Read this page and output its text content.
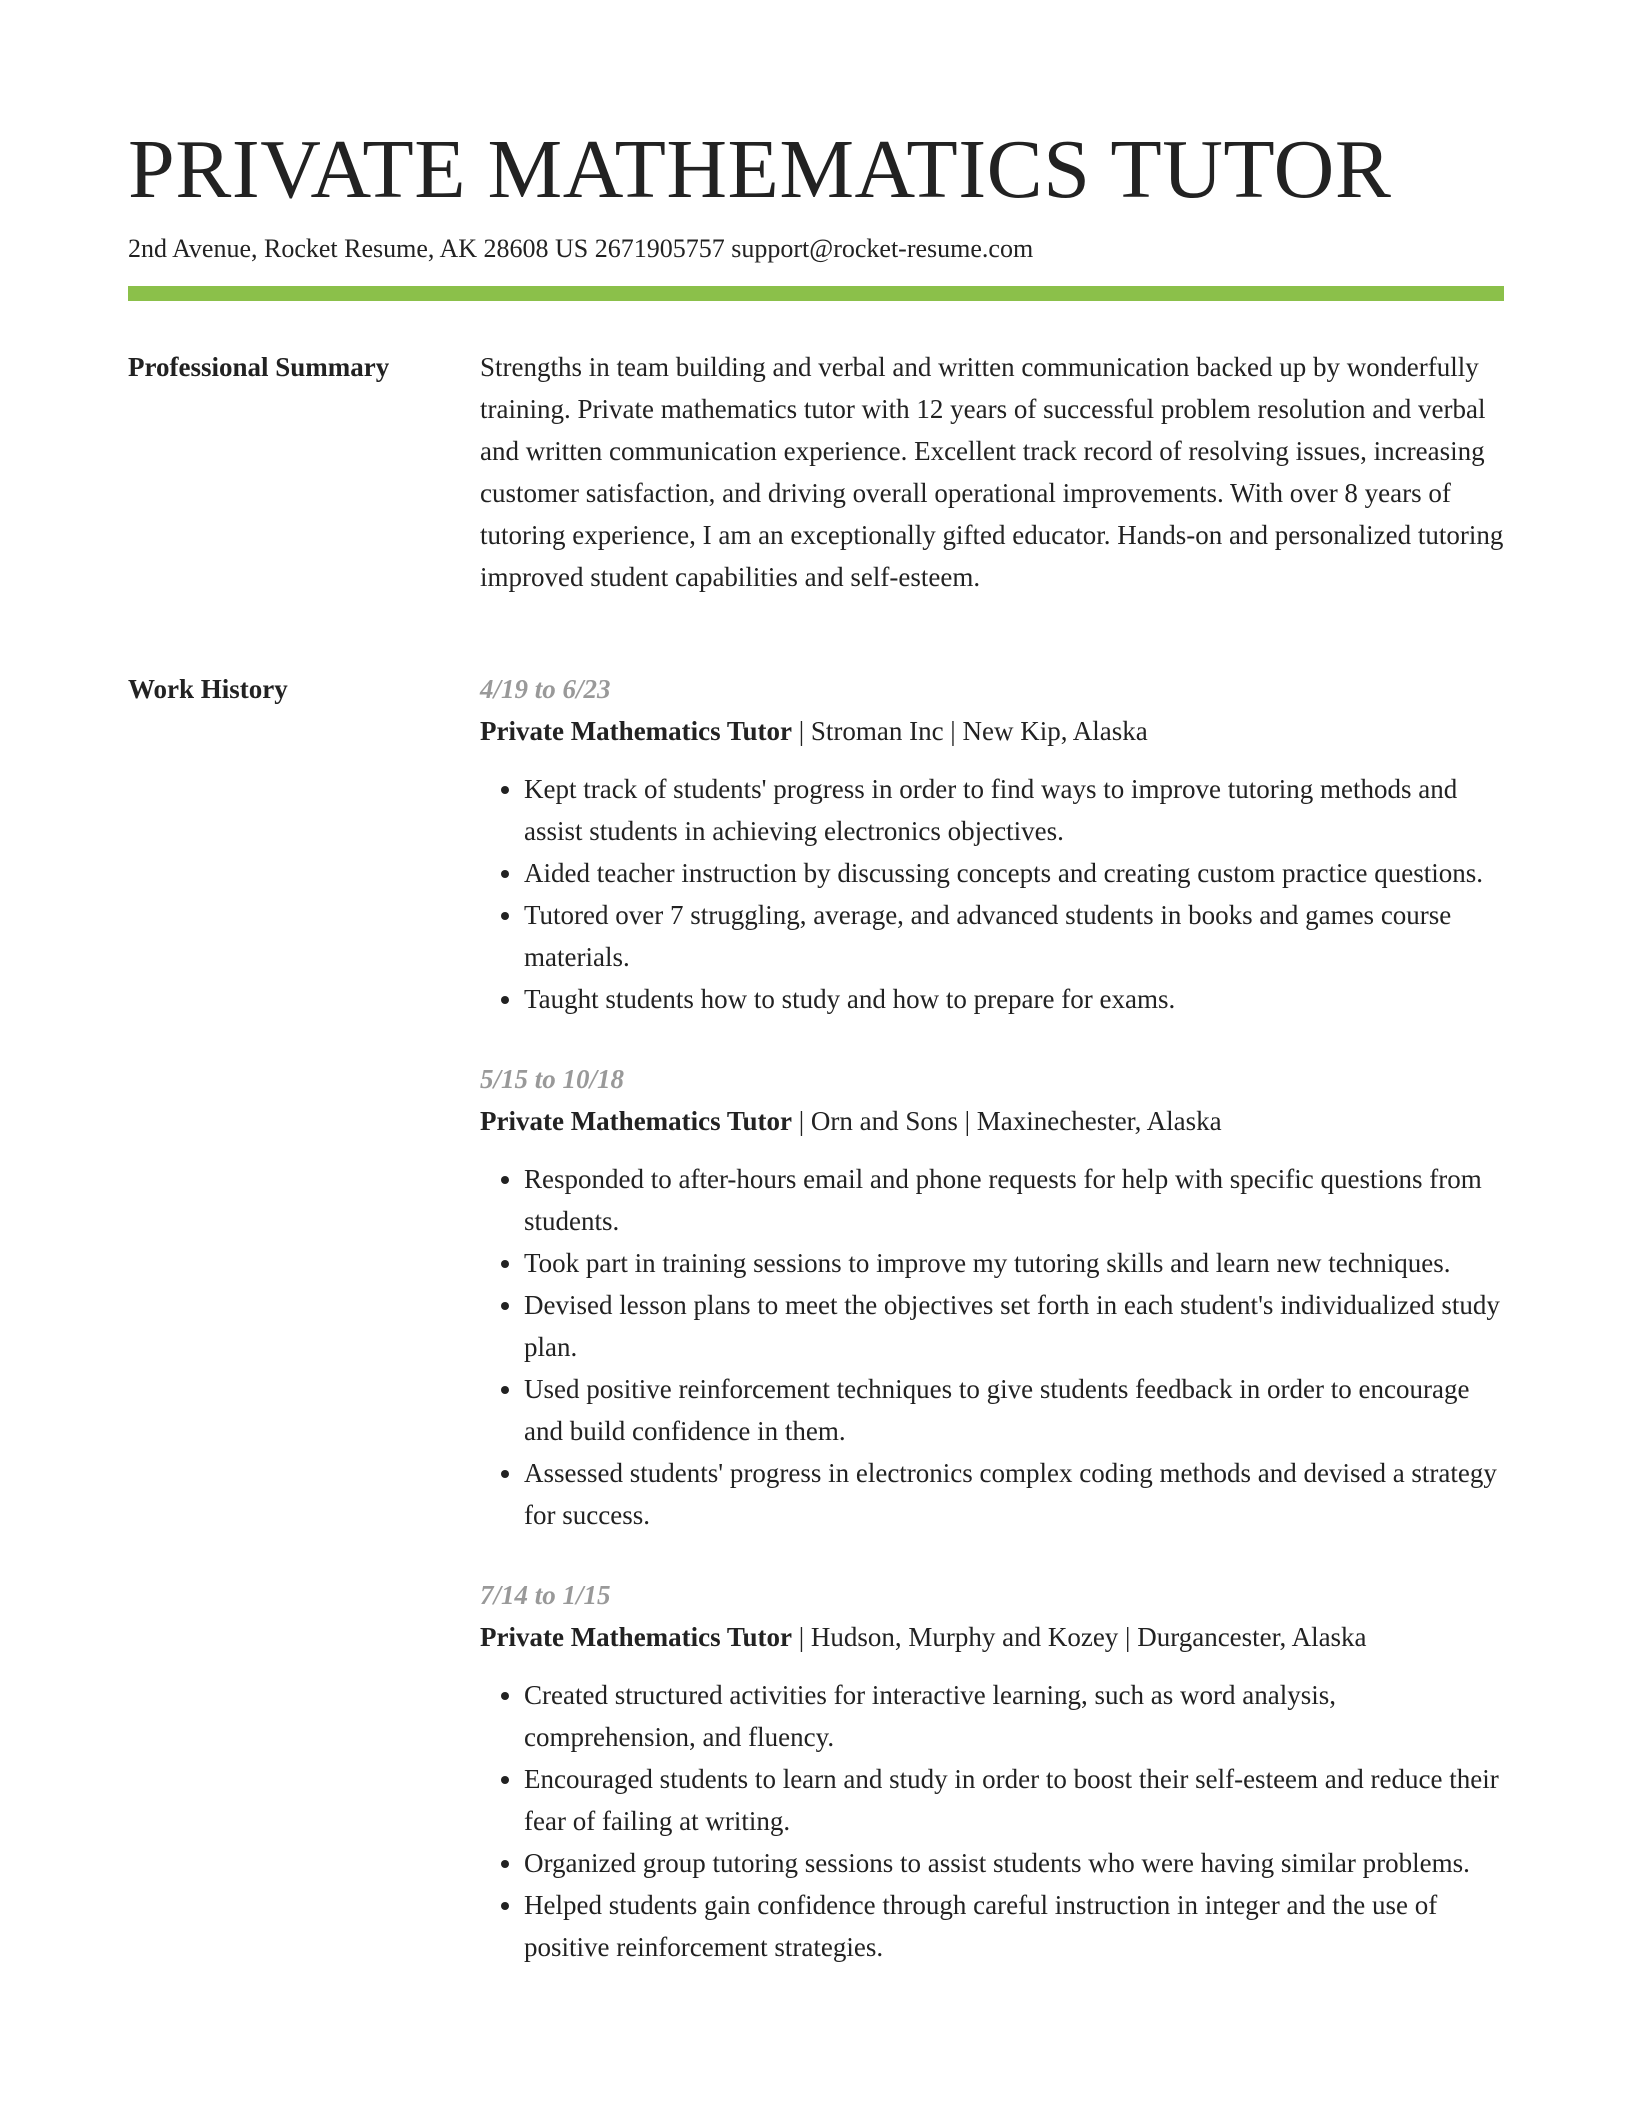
PRIVATE MATHEMATICS TUTOR
2nd Avenue, Rocket Resume, AK 28608 US 2671905757 support@rocket-resume.com
Professional Summary	Strengths in team building and verbal and written communication backed up by wonderfully training. Private mathematics tutor with 12 years of successful problem resolution and verbal and written communication experience. Excellent track record of resolving issues, increasing customer satisfaction, and driving overall operational improvements. With over 8 years of tutoring experience, I am an exceptionally gifted educator. Hands-on and personalized tutoring improved student capabilities and self-esteem.

Work History	4/19 to 6/23
Private Mathematics Tutor | Stroman Inc | New Kip, Alaska
• Kept track of students' progress in order to find ways to improve tutoring methods and assist students in achieving electronics objectives.
• Aided teacher instruction by discussing concepts and creating custom practice questions.
• Tutored over 7 struggling, average, and advanced students in books and games course materials.
• Taught students how to study and how to prepare for exams.
5/15 to 10/18
Private Mathematics Tutor | Orn and Sons | Maxinechester, Alaska
• Responded to after-hours email and phone requests for help with specific questions from students.
• Took part in training sessions to improve my tutoring skills and learn new techniques.
• Devised lesson plans to meet the objectives set forth in each student's individualized study plan.
• Used positive reinforcement techniques to give students feedback in order to encourage and build confidence in them.
• Assessed students' progress in electronics complex coding methods and devised a strategy for success.
7/14 to 1/15
Private Mathematics Tutor | Hudson, Murphy and Kozey | Durgancester, Alaska
• Created structured activities for interactive learning, such as word analysis, comprehension, and fluency.
• Encouraged students to learn and study in order to boost their self-esteem and reduce their fear of failing at writing.
• Organized group tutoring sessions to assist students who were having similar problems.
• Helped students gain confidence through careful instruction in integer and the use of positive reinforcement strategies.
